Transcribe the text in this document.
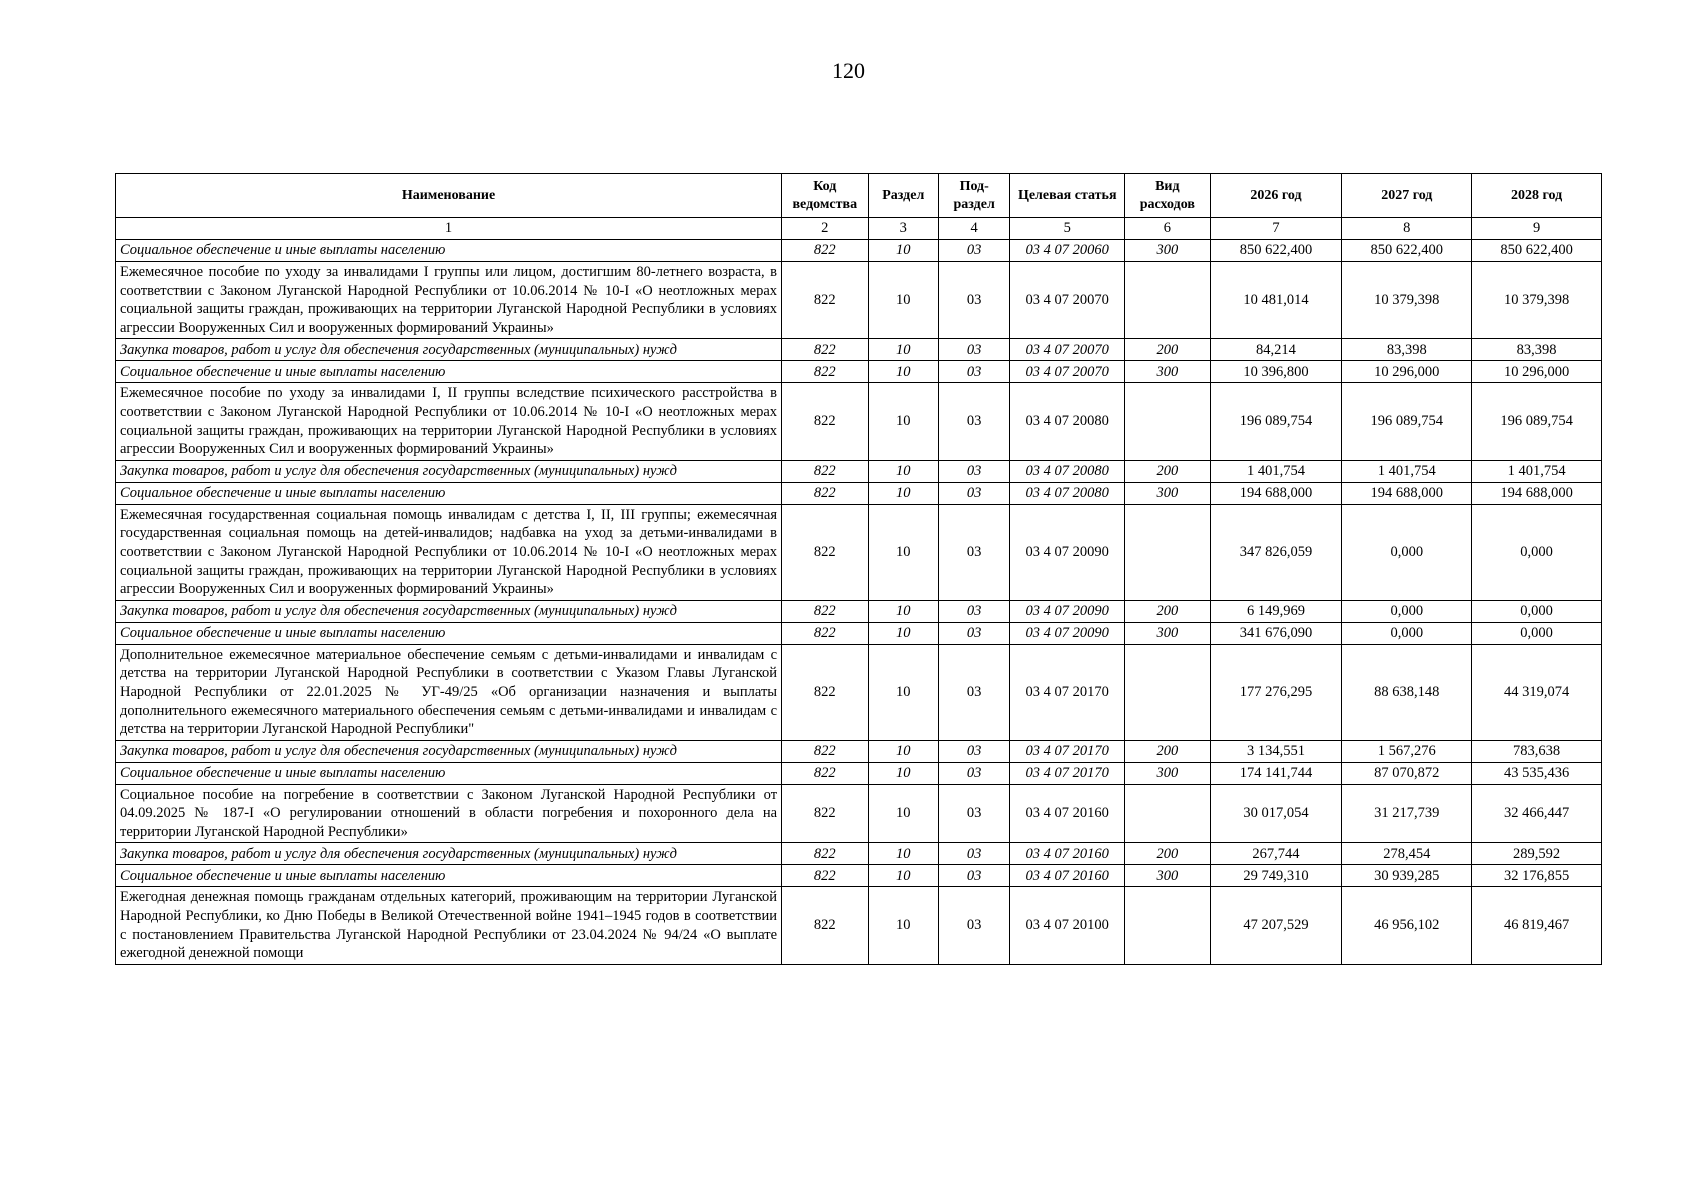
120
Наименование	Код ведомства	Раздел	Под-раздел	Целевая статья	Вид расходов	2026 год	2027 год	2028 год
1	2	3	4	5	6	7	8	9
Социальное обеспечение и иные выплаты населению	822	10	03	03 4 07 20060	300	850 622,400	850 622,400	850 622,400
Ежемесячное пособие по уходу за инвалидами I группы или лицом, достигшим 80-летнего возраста, в соответствии с Законом Луганской Народной Республики от 10.06.2014 № 10-I «О неотложных мерах социальной защиты граждан, проживающих на территории Луганской Народной Республики в условиях агрессии Вооруженных Сил и вооруженных формирований Украины»	822	10	03	03 4 07 20070		10 481,014	10 379,398	10 379,398
Закупка товаров, работ и услуг для обеспечения государственных (муниципальных) нужд	822	10	03	03 4 07 20070	200	84,214	83,398	83,398
Социальное обеспечение и иные выплаты населению	822	10	03	03 4 07 20070	300	10 396,800	10 296,000	10 296,000
Ежемесячное пособие по уходу за инвалидами I, II группы вследствие психического расстройства в соответствии с Законом Луганской Народной Республики от 10.06.2014 № 10-I «О неотложных мерах социальной защиты граждан, проживающих на территории Луганской Народной Республики в условиях агрессии Вооруженных Сил и вооруженных формирований Украины»	822	10	03	03 4 07 20080		196 089,754	196 089,754	196 089,754
Закупка товаров, работ и услуг для обеспечения государственных (муниципальных) нужд	822	10	03	03 4 07 20080	200	1 401,754	1 401,754	1 401,754
Социальное обеспечение и иные выплаты населению	822	10	03	03 4 07 20080	300	194 688,000	194 688,000	194 688,000
Ежемесячная государственная социальная помощь инвалидам с детства I, II, III группы; ежемесячная государственная социальная помощь на детей-инвалидов; надбавка на уход за детьми-инвалидами в соответствии с Законом Луганской Народной Республики от 10.06.2014 № 10-I «О неотложных мерах социальной защиты граждан, проживающих на территории Луганской Народной Республики в условиях агрессии Вооруженных Сил и вооруженных формирований Украины»	822	10	03	03 4 07 20090		347 826,059	0,000	0,000
Закупка товаров, работ и услуг для обеспечения государственных (муниципальных) нужд	822	10	03	03 4 07 20090	200	6 149,969	0,000	0,000
Социальное обеспечение и иные выплаты населению	822	10	03	03 4 07 20090	300	341 676,090	0,000	0,000
Дополнительное ежемесячное материальное обеспечение семьям с детьми-инвалидами и инвалидам с детства на территории Луганской Народной Республики в соответствии с Указом Главы Луганской Народной Республики от 22.01.2025 № УГ-49/25 «Об организации назначения и выплаты дополнительного ежемесячного материального обеспечения семьям с детьми-инвалидами и инвалидам с детства на территории Луганской Народной Республики"	822	10	03	03 4 07 20170		177 276,295	88 638,148	44 319,074
Закупка товаров, работ и услуг для обеспечения государственных (муниципальных) нужд	822	10	03	03 4 07 20170	200	3 134,551	1 567,276	783,638
Социальное обеспечение и иные выплаты населению	822	10	03	03 4 07 20170	300	174 141,744	87 070,872	43 535,436
Социальное пособие на погребение в соответствии с Законом Луганской Народной Республики от 04.09.2025 № 187-I «О регулировании отношений в области погребения и похоронного дела на территории Луганской Народной Республики»	822	10	03	03 4 07 20160		30 017,054	31 217,739	32 466,447
Закупка товаров, работ и услуг для обеспечения государственных (муниципальных) нужд	822	10	03	03 4 07 20160	200	267,744	278,454	289,592
Социальное обеспечение и иные выплаты населению	822	10	03	03 4 07 20160	300	29 749,310	30 939,285	32 176,855
Ежегодная денежная помощь гражданам отдельных категорий, проживающим на территории Луганской Народной Республики, ко Дню Победы в Великой Отечественной войне 1941–1945 годов в соответствии с постановлением Правительства Луганской Народной Республики от 23.04.2024 № 94/24 «О выплате ежегодной денежной помощи	822	10	03	03 4 07 20100		47 207,529	46 956,102	46 819,467
